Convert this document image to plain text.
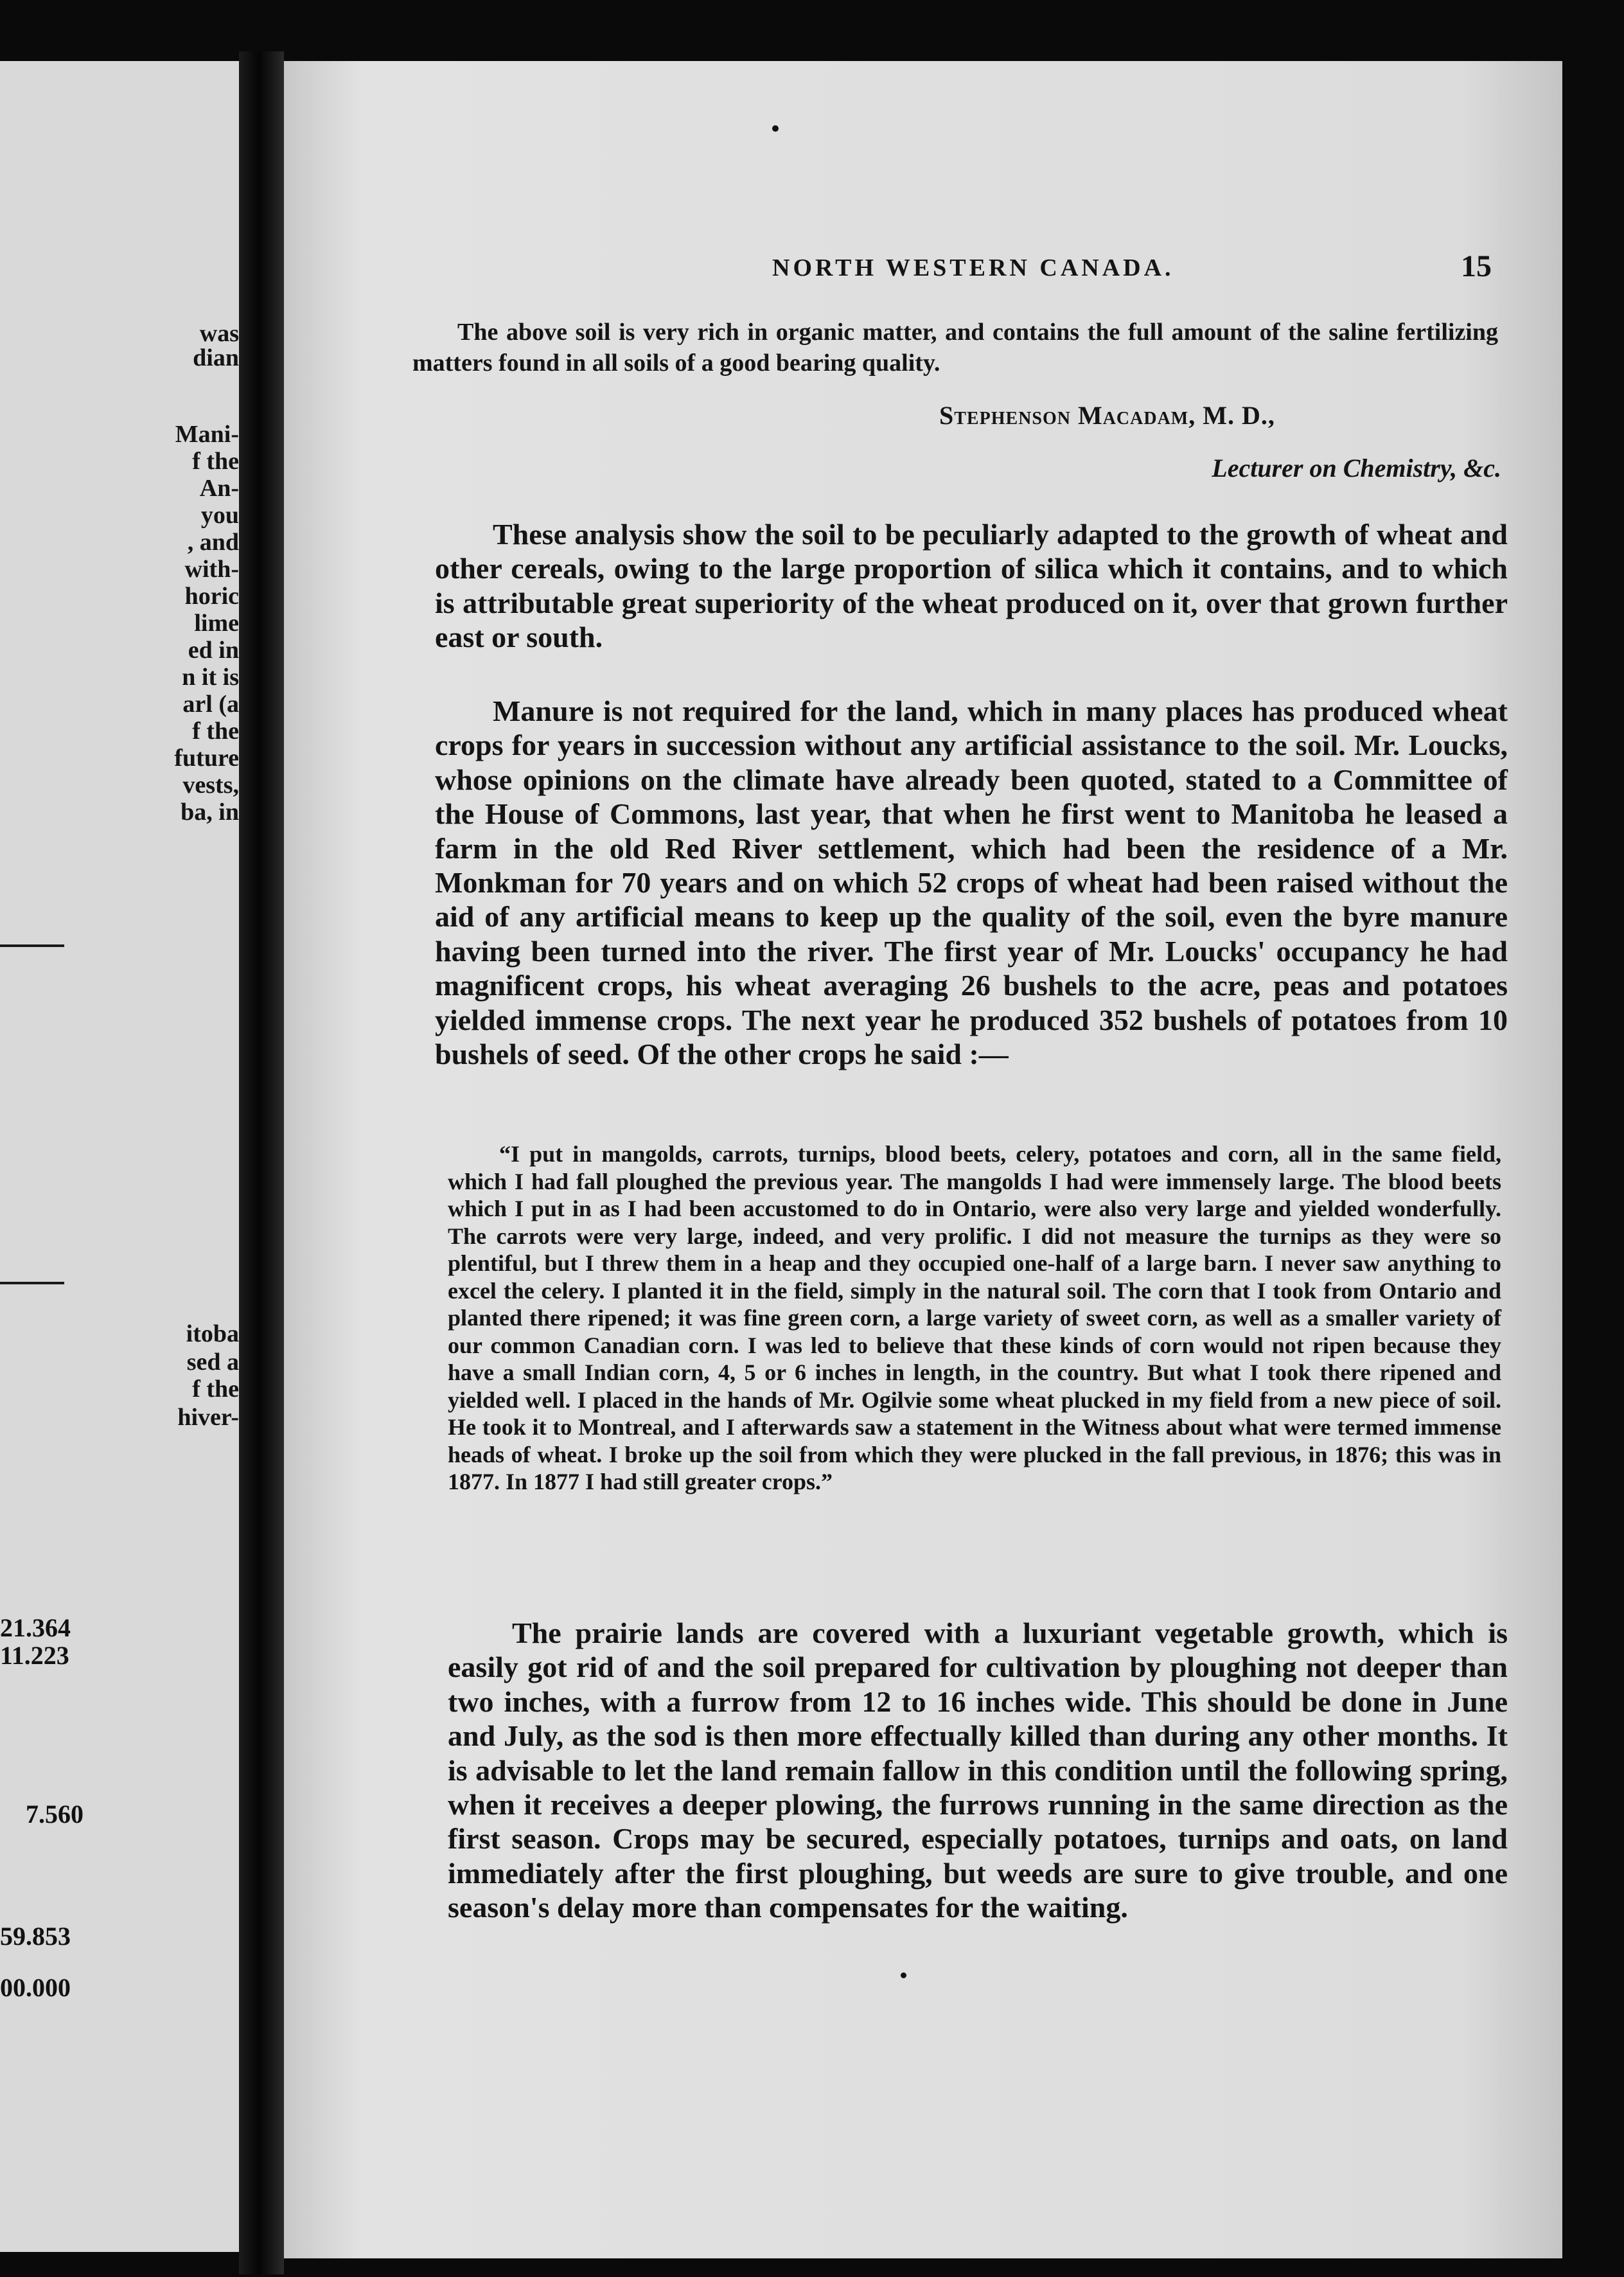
was
dian
Mani-
f the
An-
you
, and
with-
horic
lime
ed in
n it is
arl (a
f the
future
vests,
ba, in
itoba
sed a
f the
hiver-
21.364
11.223
7.560
59.853
00.000
NORTH WESTERN CANADA.	15

The above soil is very rich in organic matter, and contains the full amount of the saline fertilizing matters found in all soils of a good bearing quality.

Stephenson Macadam, M. D.,
Lecturer on Chemistry, &c.

These analysis show the soil to be peculiarly adapted to the growth of wheat and other cereals, owing to the large proportion of silica which it contains, and to which is attributable great superiority of the wheat produced on it, over that grown further east or south.

Manure is not required for the land, which in many places has produced wheat crops for years in succession without any artificial assistance to the soil. Mr. Loucks, whose opinions on the climate have already been quoted, stated to a Committee of the House of Commons, last year, that when he first went to Manitoba he leased a farm in the old Red River settlement, which had been the residence of a Mr. Monkman for 70 years and on which 52 crops of wheat had been raised without the aid of any artificial means to keep up the quality of the soil, even the byre manure having been turned into the river. The first year of Mr. Loucks' occupancy he had magnificent crops, his wheat averaging 26 bushels to the acre, peas and potatoes yielded immense crops. The next year he produced 352 bushels of potatoes from 10 bushels of seed. Of the other crops he said :—

“I put in mangolds, carrots, turnips, blood beets, celery, potatoes and corn, all in the same field, which I had fall ploughed the previous year. The mangolds I had were immensely large. The blood beets which I put in as I had been accustomed to do in Ontario, were also very large and yielded wonderfully. The carrots were very large, indeed, and very prolific. I did not measure the turnips as they were so plentiful, but I threw them in a heap and they occupied one-half of a large barn. I never saw anything to excel the celery. I planted it in the field, simply in the natural soil. The corn that I took from Ontario and planted there ripened; it was fine green corn, a large variety of sweet corn, as well as a smaller variety of our common Canadian corn. I was led to believe that these kinds of corn would not ripen because they have a small Indian corn, 4, 5 or 6 inches in length, in the country. But what I took there ripened and yielded well. I placed in the hands of Mr. Ogilvie some wheat plucked in my field from a new piece of soil. He took it to Montreal, and I afterwards saw a statement in the Witness about what were termed immense heads of wheat. I broke up the soil from which they were plucked in the fall previous, in 1876; this was in 1877. In 1877 I had still greater crops.”

The prairie lands are covered with a luxuriant vegetable growth, which is easily got rid of and the soil prepared for cultivation by ploughing not deeper than two inches, with a furrow from 12 to 16 inches wide. This should be done in June and July, as the sod is then more effectually killed than during any other months. It is advisable to let the land remain fallow in this condition until the following spring, when it receives a deeper plowing, the furrows running in the same direction as the first season. Crops may be secured, especially potatoes, turnips and oats, on land immediately after the first ploughing, but weeds are sure to give trouble, and one season's delay more than compensates for the waiting.
